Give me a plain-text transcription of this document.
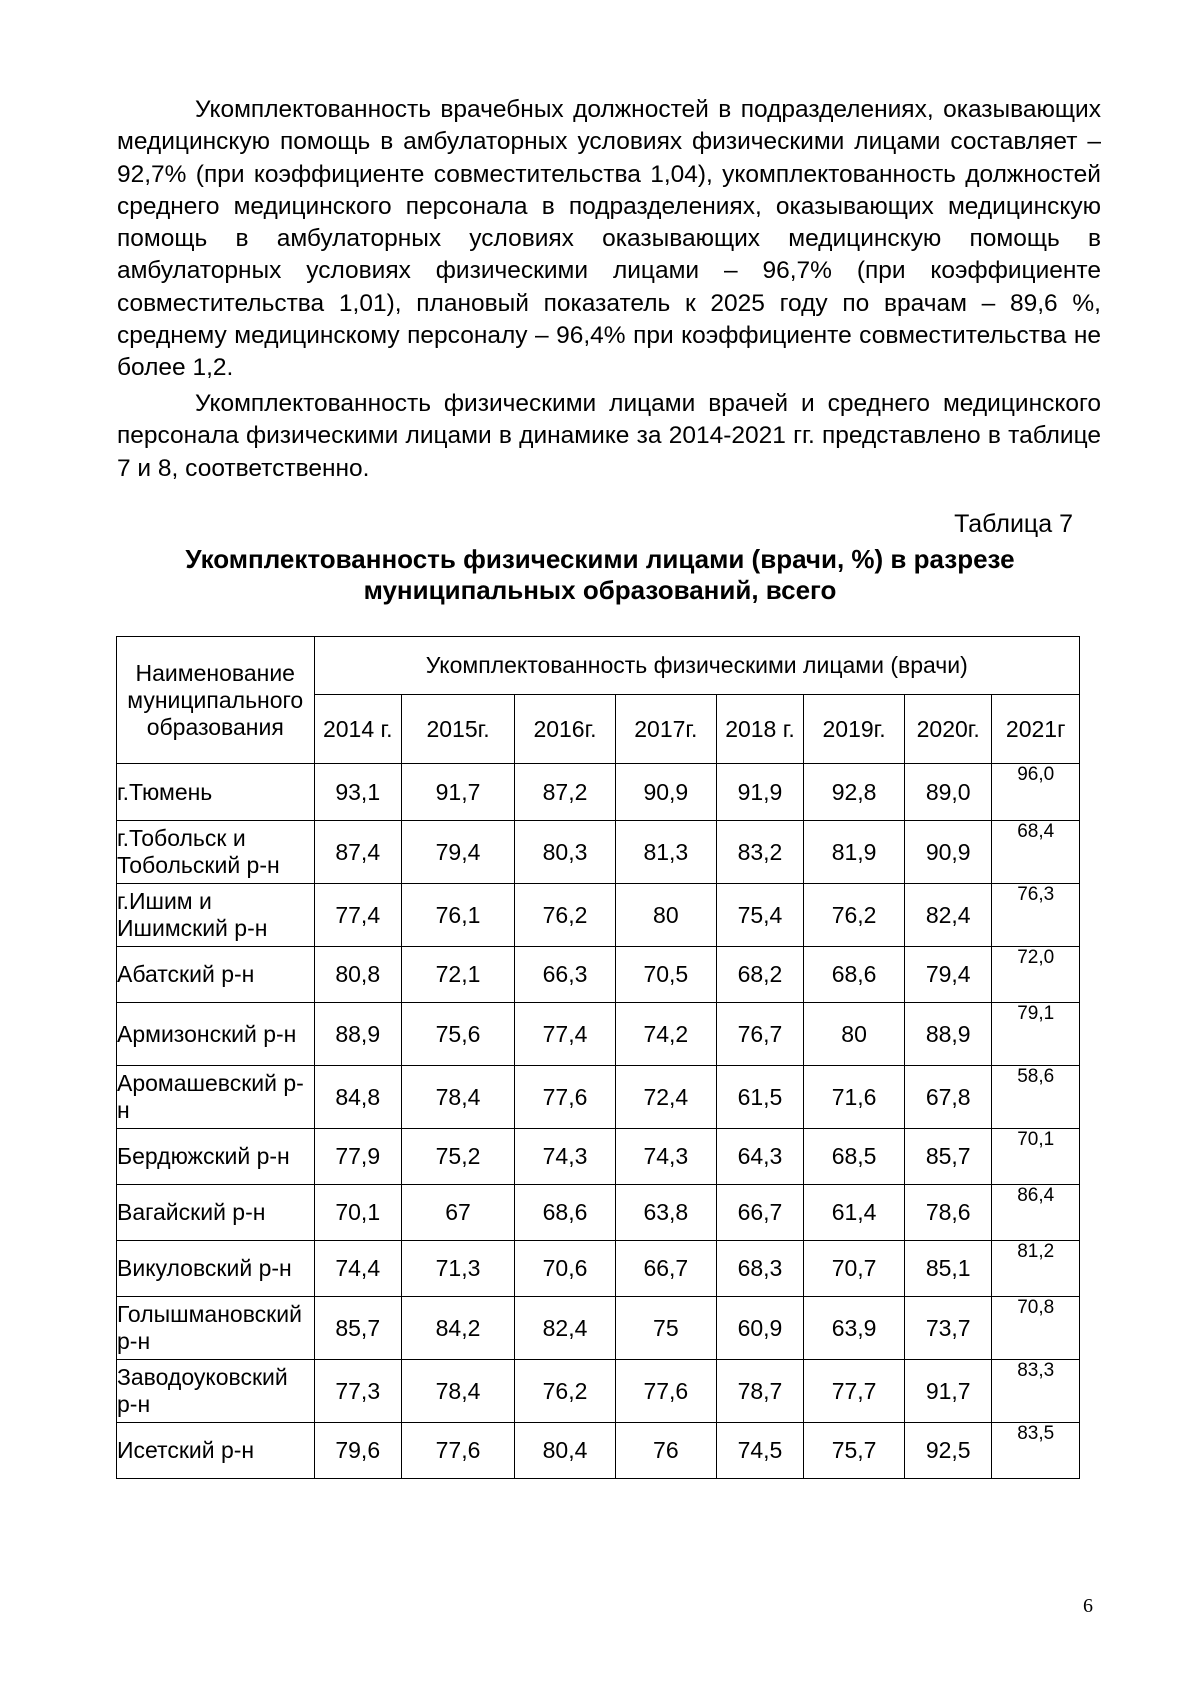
Укомплектованность врачебных должностей в подразделениях, оказывающих медицинскую помощь в амбулаторных условиях физическими лицами составляет –92,7% (при коэффициенте совместительства 1,04), укомплектованность должностей среднего медицинского персонала в подразделениях, оказывающих медицинскую помощь в амбулаторных условиях оказывающих медицинскую помощь в амбулаторных условиях физическими лицами – 96,7% (при коэффициенте совместительства 1,01), плановый показатель к 2025 году по врачам – 89,6 %, среднему медицинскому персоналу – 96,4% при коэффициенте совместительства не более 1,2.

Укомплектованность физическими лицами врачей и среднего медицинского персонала физическими лицами в динамике за 2014-2021 гг. представлено в таблице 7 и 8, соответственно.

Таблица 7

Укомплектованность физическими лицами (врачи, %) в разрезе муниципальных образований, всего

Наименование муниципального образования	Укомплектованность физическими лицами (врачи)							
	2014 г.	2015г.	2016г.	2017г.	2018 г.	2019г.	2020г.	2021г
г.Тюмень	93,1	91,7	87,2	90,9	91,9	92,8	89,0	96,0
г.Тобольск и Тобольский р-н	87,4	79,4	80,3	81,3	83,2	81,9	90,9	68,4
г.Ишим и Ишимский р-н	77,4	76,1	76,2	80	75,4	76,2	82,4	76,3
Абатский р-н	80,8	72,1	66,3	70,5	68,2	68,6	79,4	72,0
Армизонский р-н	88,9	75,6	77,4	74,2	76,7	80	88,9	79,1
Аромашевский р-н	84,8	78,4	77,6	72,4	61,5	71,6	67,8	58,6
Бердюжский р-н	77,9	75,2	74,3	74,3	64,3	68,5	85,7	70,1
Вагайский р-н	70,1	67	68,6	63,8	66,7	61,4	78,6	86,4
Викуловский р-н	74,4	71,3	70,6	66,7	68,3	70,7	85,1	81,2
Голышмановский р-н	85,7	84,2	82,4	75	60,9	63,9	73,7	70,8
Заводоуковский р-н	77,3	78,4	76,2	77,6	78,7	77,7	91,7	83,3
Исетский р-н	79,6	77,6	80,4	76	74,5	75,7	92,5	83,5
6
